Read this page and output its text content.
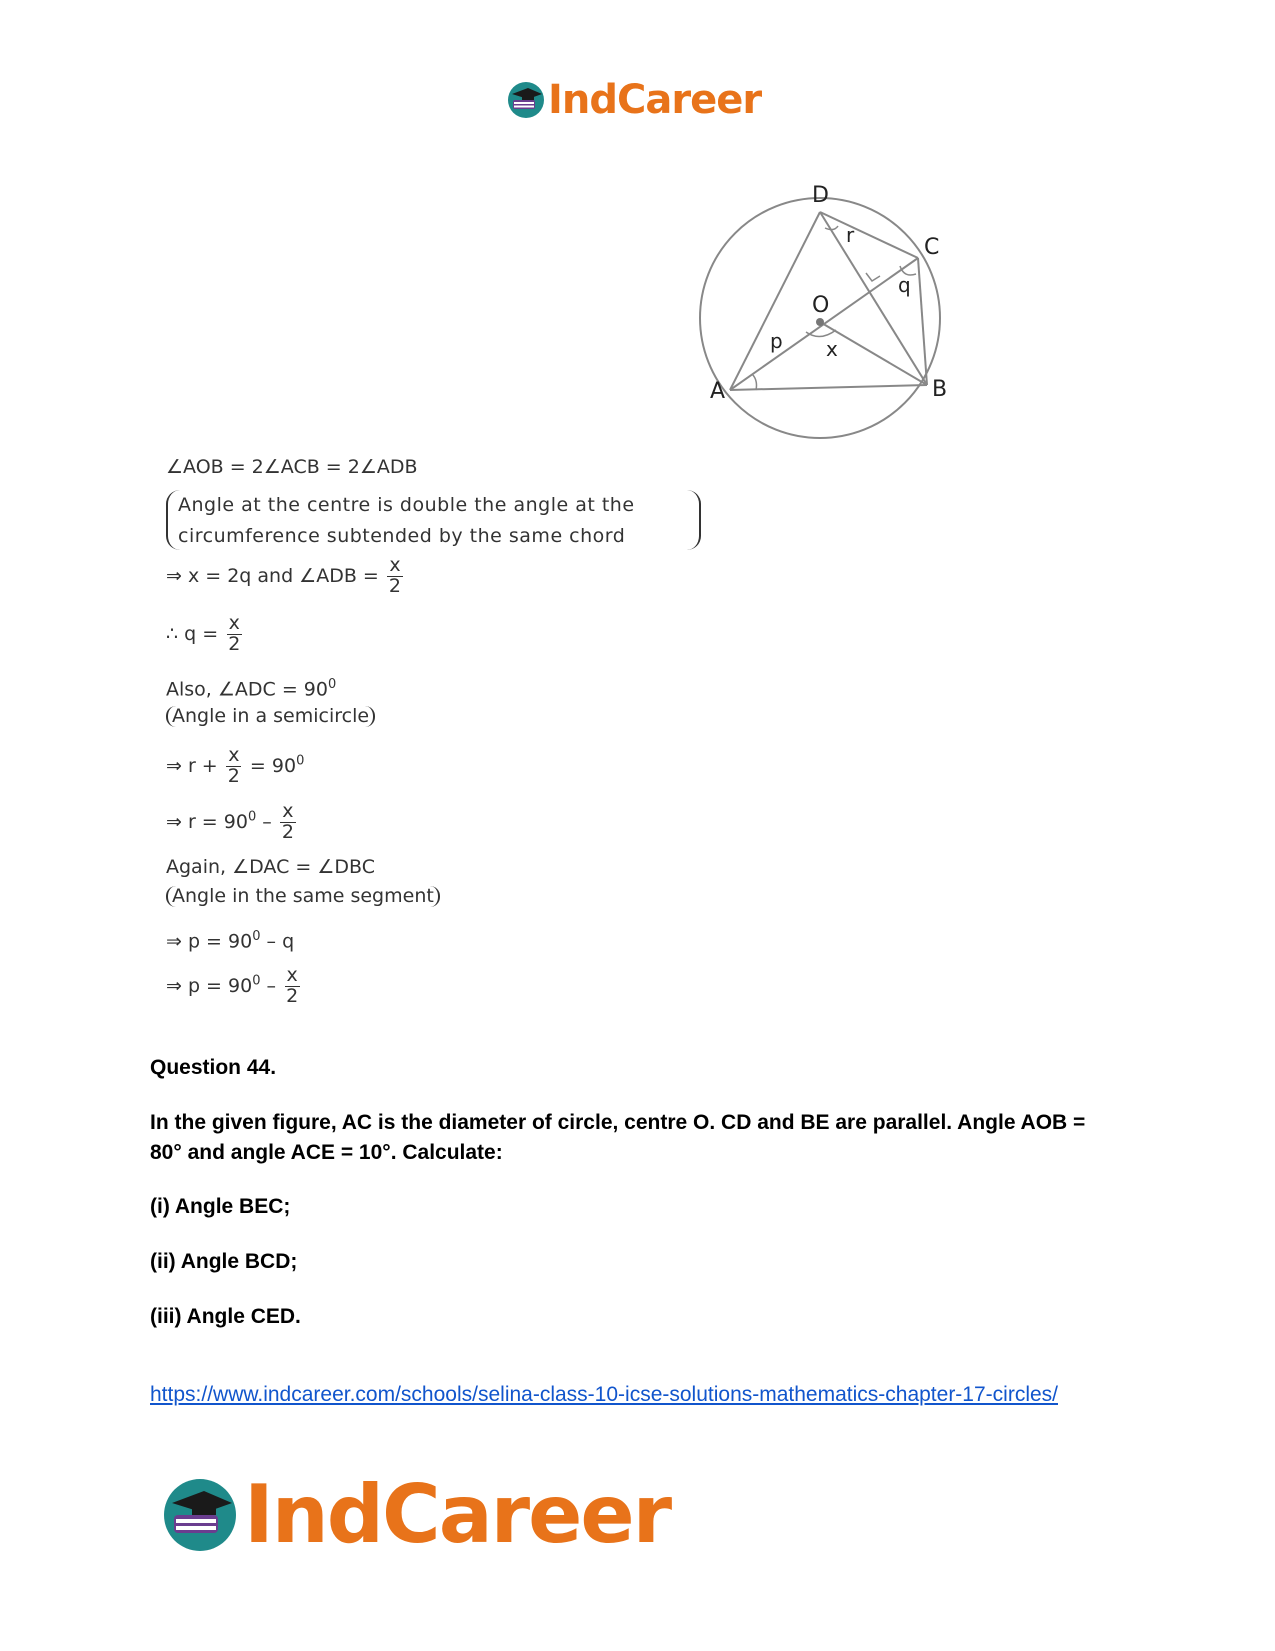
IndCareer
D
C
O
A	B
r
q
p x
∠AOB = 2∠ACB = 2∠ADB
Angle at the centre is double the angle at the
circumference subtended by the same chord
⇒ x = 2q and ∠ADB = $\frac{x}{2}$
∴ $q = \frac{x}{2}$
Also, ∠ADC = $90^0$
Angle in a semicircle
⇒ $r + \frac{x}{2} = 90^0$
⇒ $r = 90^0 - \frac{x}{2}$
Again, ∠DAC = ∠DBC
Angle in the same segment
⇒ $p = 90^0 - q$
⇒ $p = 90^0 - \frac{x}{2}$
Question 44.
In the given figure, AC is the diameter of circle, centre O. CD and BE are parallel. Angle AOB = 80° and angle ACE = 10°. Calculate:
(i) Angle BEC;
(ii) Angle BCD;
(iii) Angle CED.
https://www.indcareer.com/schools/selina-class-10-icse-solutions-mathematics-chapter-17-circles/
IndCareer
